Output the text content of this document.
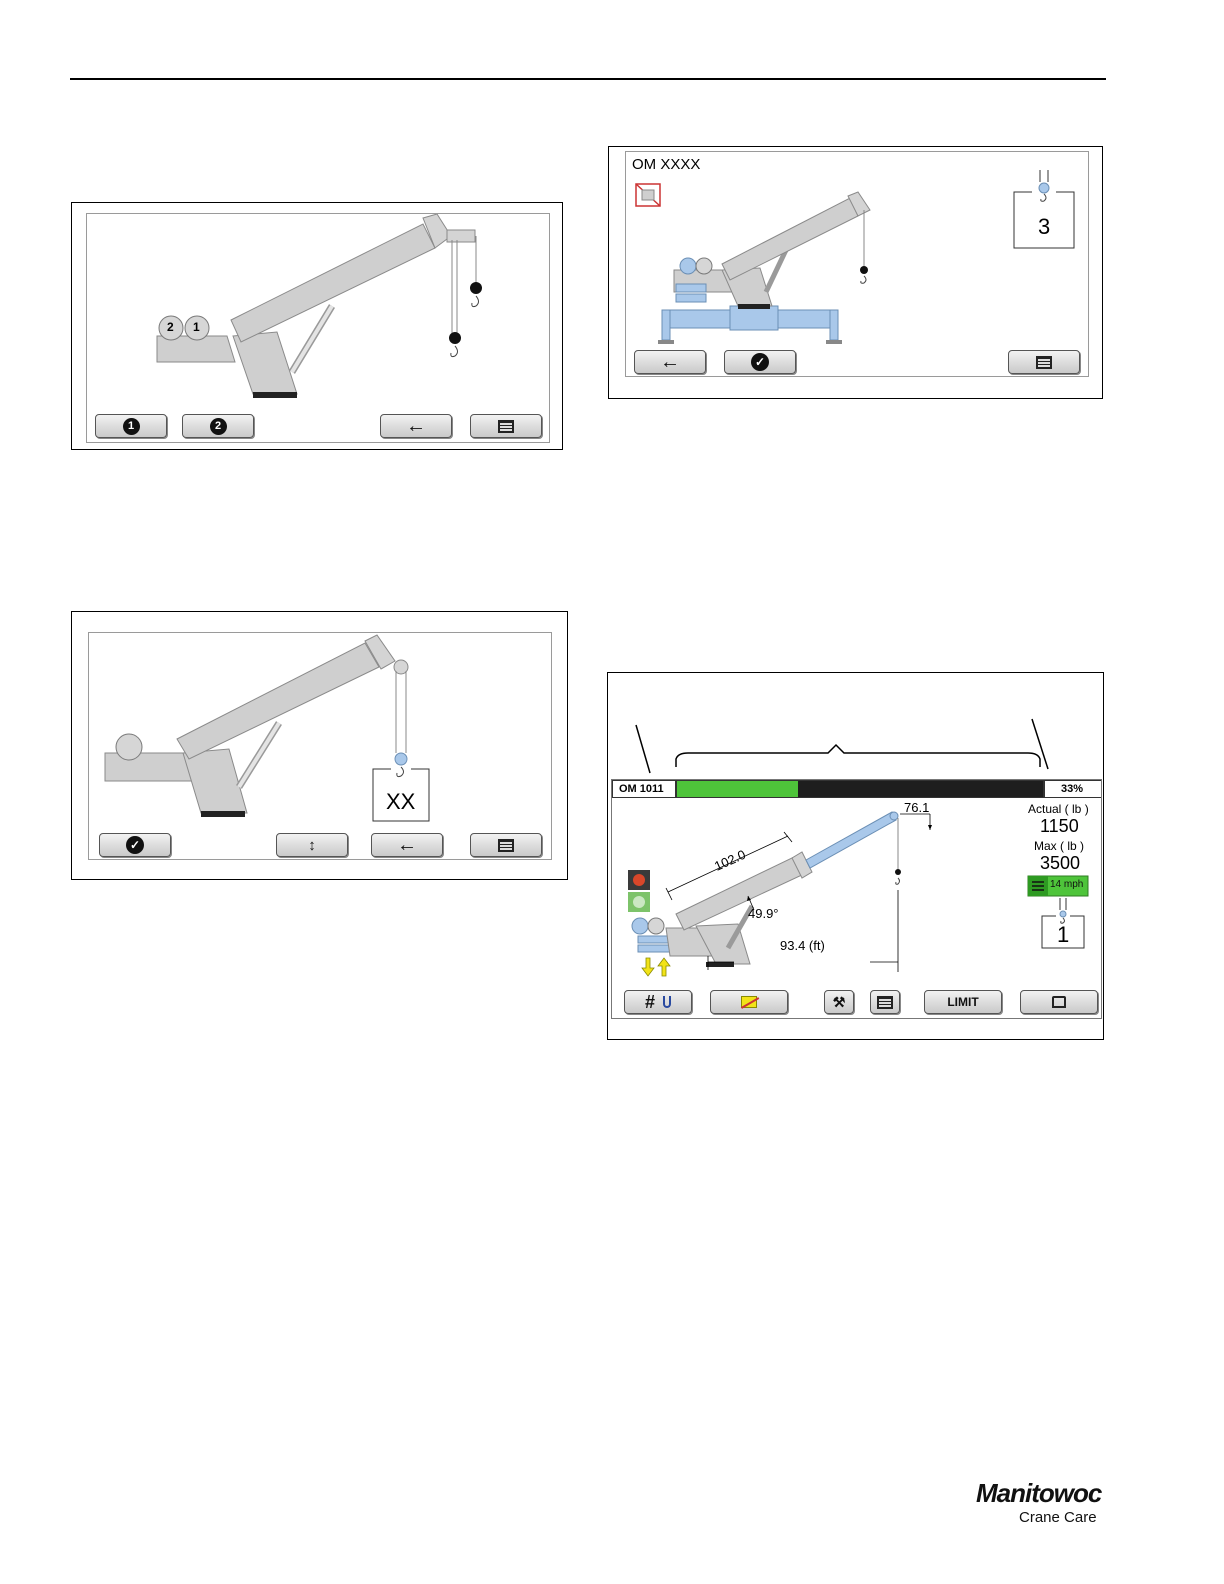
2 1
1	2	←
OM XXXX
3
←	✓
XX
✓	↕	←
OM 1011	33%
102.0
76.1
49.9°
93.4 (ft)
Actual ( lb )
1150
Max ( lb )
3500
14 mph
1
#	⚒	LIMIT
Manitowoc
Crane Care
